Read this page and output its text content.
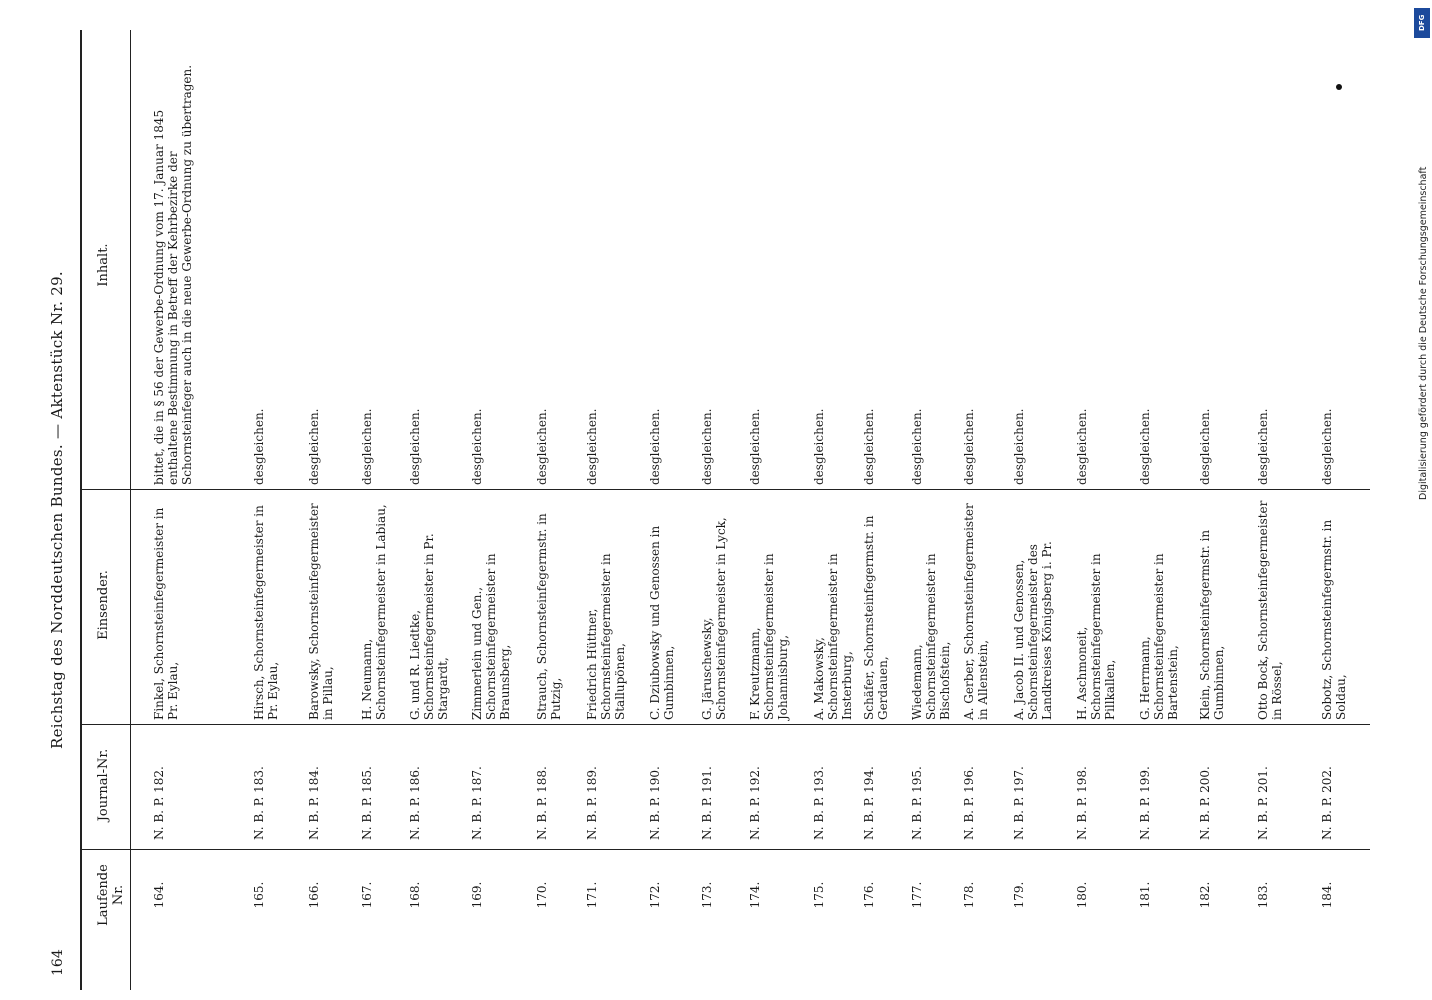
164
Reichstag des Norddeutschen Bundes. — Aktenstück Nr. 29.
Laufende Nr.
Journal-Nr.
Einsender.
Inhalt.
164.
N. B. P. 182.
Finkel, Schornsteinfegermeister in Pr. Eylau,
bittet, die in § 56 der Gewerbe-Ordnung vom 17. Januar 1845 enthaltene Bestimmung in Betreff der Kehrbezirke der Schornsteinfeger auch in die neue Gewerbe-Ordnung zu übertragen.
165.
N. B. P. 183.
Hirsch, Schornsteinfegermeister in Pr. Eylau,
desgleichen.
166.
N. B. P. 184.
Barowsky, Schornsteinfegermeister in Pillau,
desgleichen.
167.
N. B. P. 185.
H. Neumann, Schornsteinfegermeister in Labiau,
desgleichen.
168.
N. B. P. 186.
G. und R. Liedtke, Schornsteinfegermeister in Pr. Stargardt,
desgleichen.
169.
N. B. P. 187.
Zimmerlein und Gen., Schornsteinfegermeister in Braunsberg,
desgleichen.
170.
N. B. P. 188.
Strauch, Schornsteinfegermstr. in Putzig,
desgleichen.
171.
N. B. P. 189.
Friedrich Hüttner, Schornsteinfegermeister in Stallupönen,
desgleichen.
172.
N. B. P. 190.
C. Dziubowsky und Genossen in Gumbinnen,
desgleichen.
173.
N. B. P. 191.
G. Järuschewsky, Schornsteinfegermeister in Lyck,
desgleichen.
174.
N. B. P. 192.
F. Kreutzmann, Schornsteinfegermeister in Johannisburg,
desgleichen.
175.
N. B. P. 193.
A. Makowsky, Schornsteinfegermeister in Insterburg,
desgleichen.
176.
N. B. P. 194.
Schäfer, Schornsteinfegermstr. in Gerdauen,
desgleichen.
177.
N. B. P. 195.
Wiedemann, Schornsteinfegermeister in Bischofstein,
desgleichen.
178.
N. B. P. 196.
A. Gerber, Schornsteinfegermeister in Allenstein,
desgleichen.
179.
N. B. P. 197.
A. Jacob II. und Genossen, Schornsteinfegermeister des Landkreises Königsberg i. Pr.
desgleichen.
180.
N. B. P. 198.
H. Aschmoneit, Schornsteinfegermeister in Pillkallen,
desgleichen.
181.
N. B. P. 199.
G. Herrmann, Schornsteinfegermeister in Bartenstein,
desgleichen.
182.
N. B. P. 200.
Klein, Schornsteinfegermstr. in Gumbinnen,
desgleichen.
183.
N. B. P. 201.
Otto Bock, Schornsteinfegermeister in Rössel,
desgleichen.
184.
N. B. P. 202.
Sobotz, Schornsteinfegermstr. in Soldau,
desgleichen.
DFG
Digitalisierung gefördert durch die Deutsche Forschungsgemeinschaft
